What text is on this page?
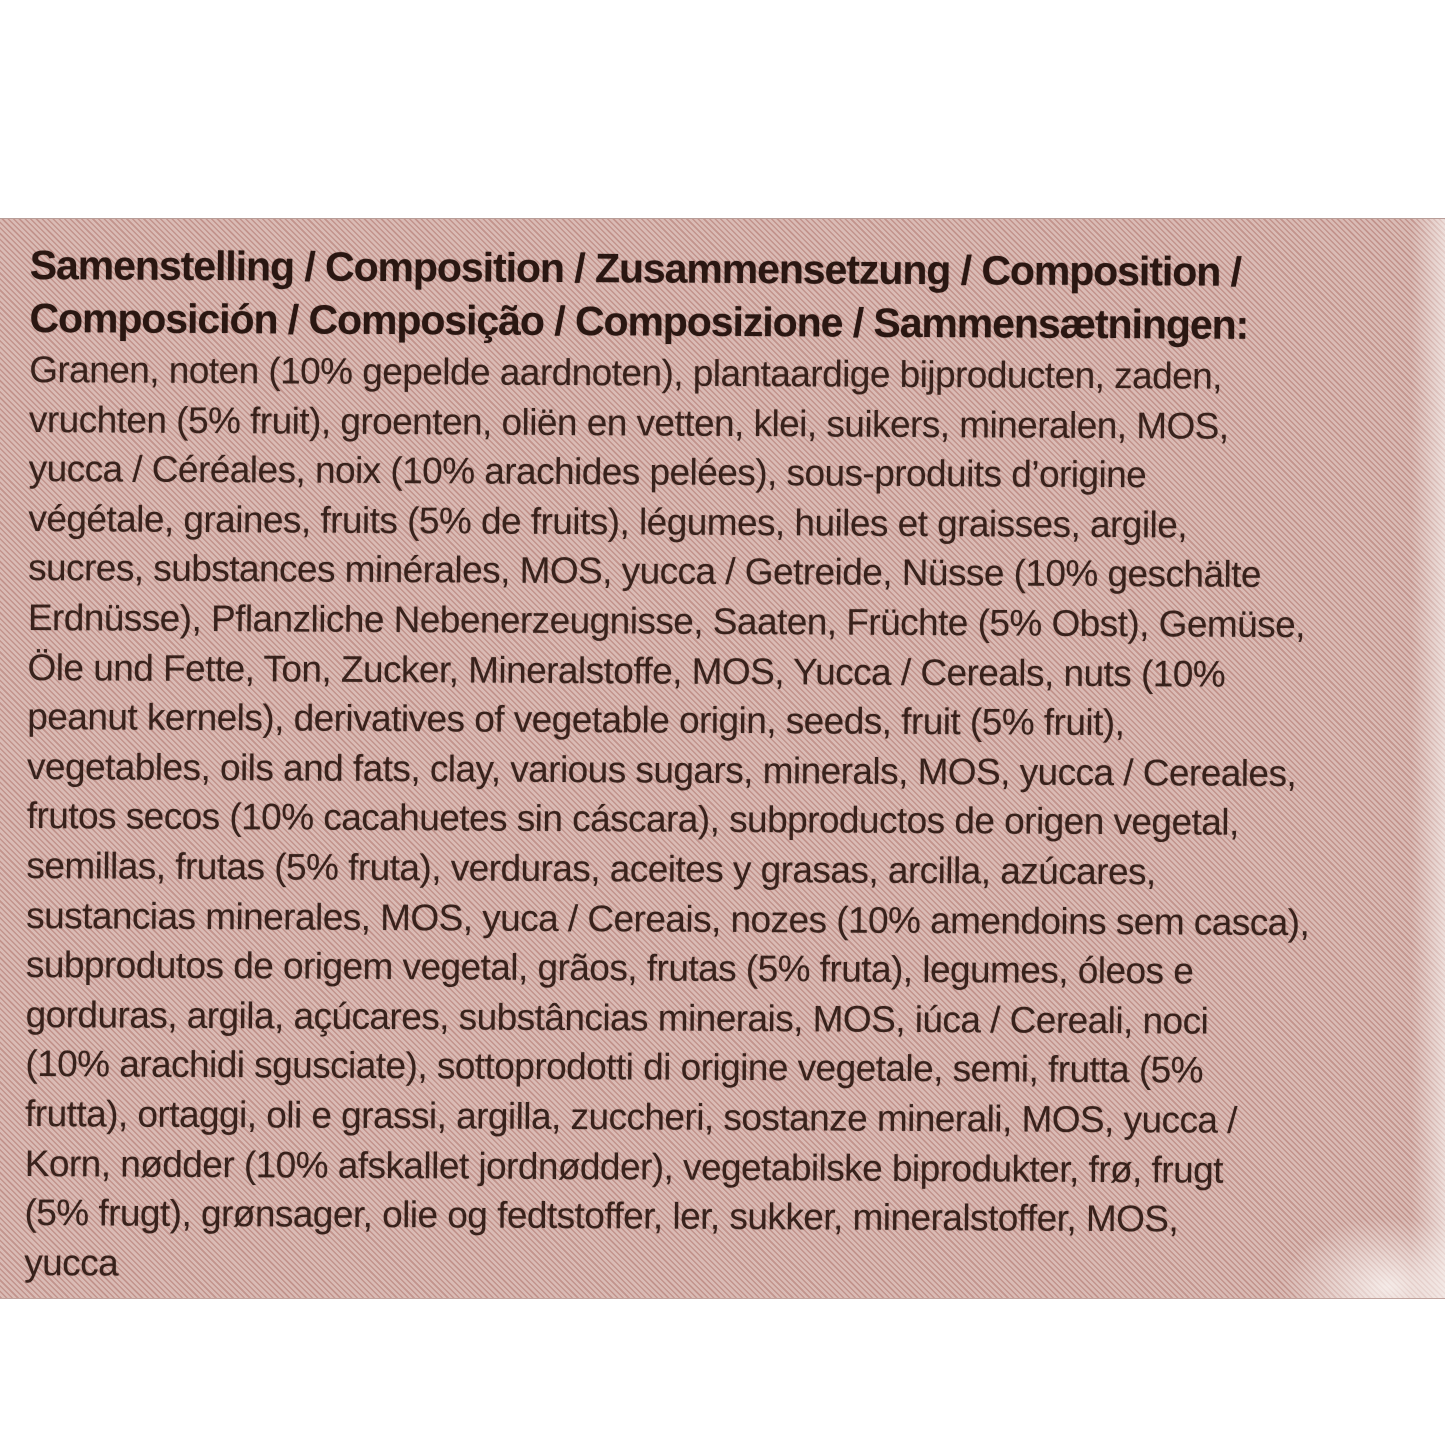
Samenstelling / Composition / Zusammensetzung / Composition /
Composición / Composição / Composizione / Sammensætningen:
Granen, noten (10% gepelde aardnoten), plantaardige bijproducten, zaden,
vruchten (5% fruit), groenten, oliën en vetten, klei, suikers, mineralen, MOS,
yucca / Céréales, noix (10% arachides pelées), sous-produits d’origine
végétale, graines, fruits (5% de fruits), légumes, huiles et graisses, argile,
sucres, substances minérales, MOS, yucca / Getreide, Nüsse (10% geschälte
Erdnüsse), Pflanzliche Nebenerzeugnisse, Saaten, Früchte (5% Obst), Gemüse,
Öle und Fette, Ton, Zucker, Mineralstoffe, MOS, Yucca / Cereals, nuts (10%
peanut kernels), derivatives of vegetable origin, seeds, fruit (5% fruit),
vegetables, oils and fats, clay, various sugars, minerals, MOS, yucca / Cereales,
frutos secos (10% cacahuetes sin cáscara), subproductos de origen vegetal,
semillas, frutas (5% fruta), verduras, aceites y grasas, arcilla, azúcares,
sustancias minerales, MOS, yuca / Cereais, nozes (10% amendoins sem casca),
subprodutos de origem vegetal, grãos, frutas (5% fruta), legumes, óleos e
gorduras, argila, açúcares, substâncias minerais, MOS, iúca / Cereali, noci
(10% arachidi sgusciate), sottoprodotti di origine vegetale, semi, frutta (5%
frutta), ortaggi, oli e grassi, argilla, zuccheri, sostanze minerali, MOS, yucca /
Korn, nødder (10% afskallet jordnødder), vegetabilske biprodukter, frø, frugt
(5% frugt), grønsager, olie og fedtstoffer, ler, sukker, mineralstoffer, MOS,
yucca
